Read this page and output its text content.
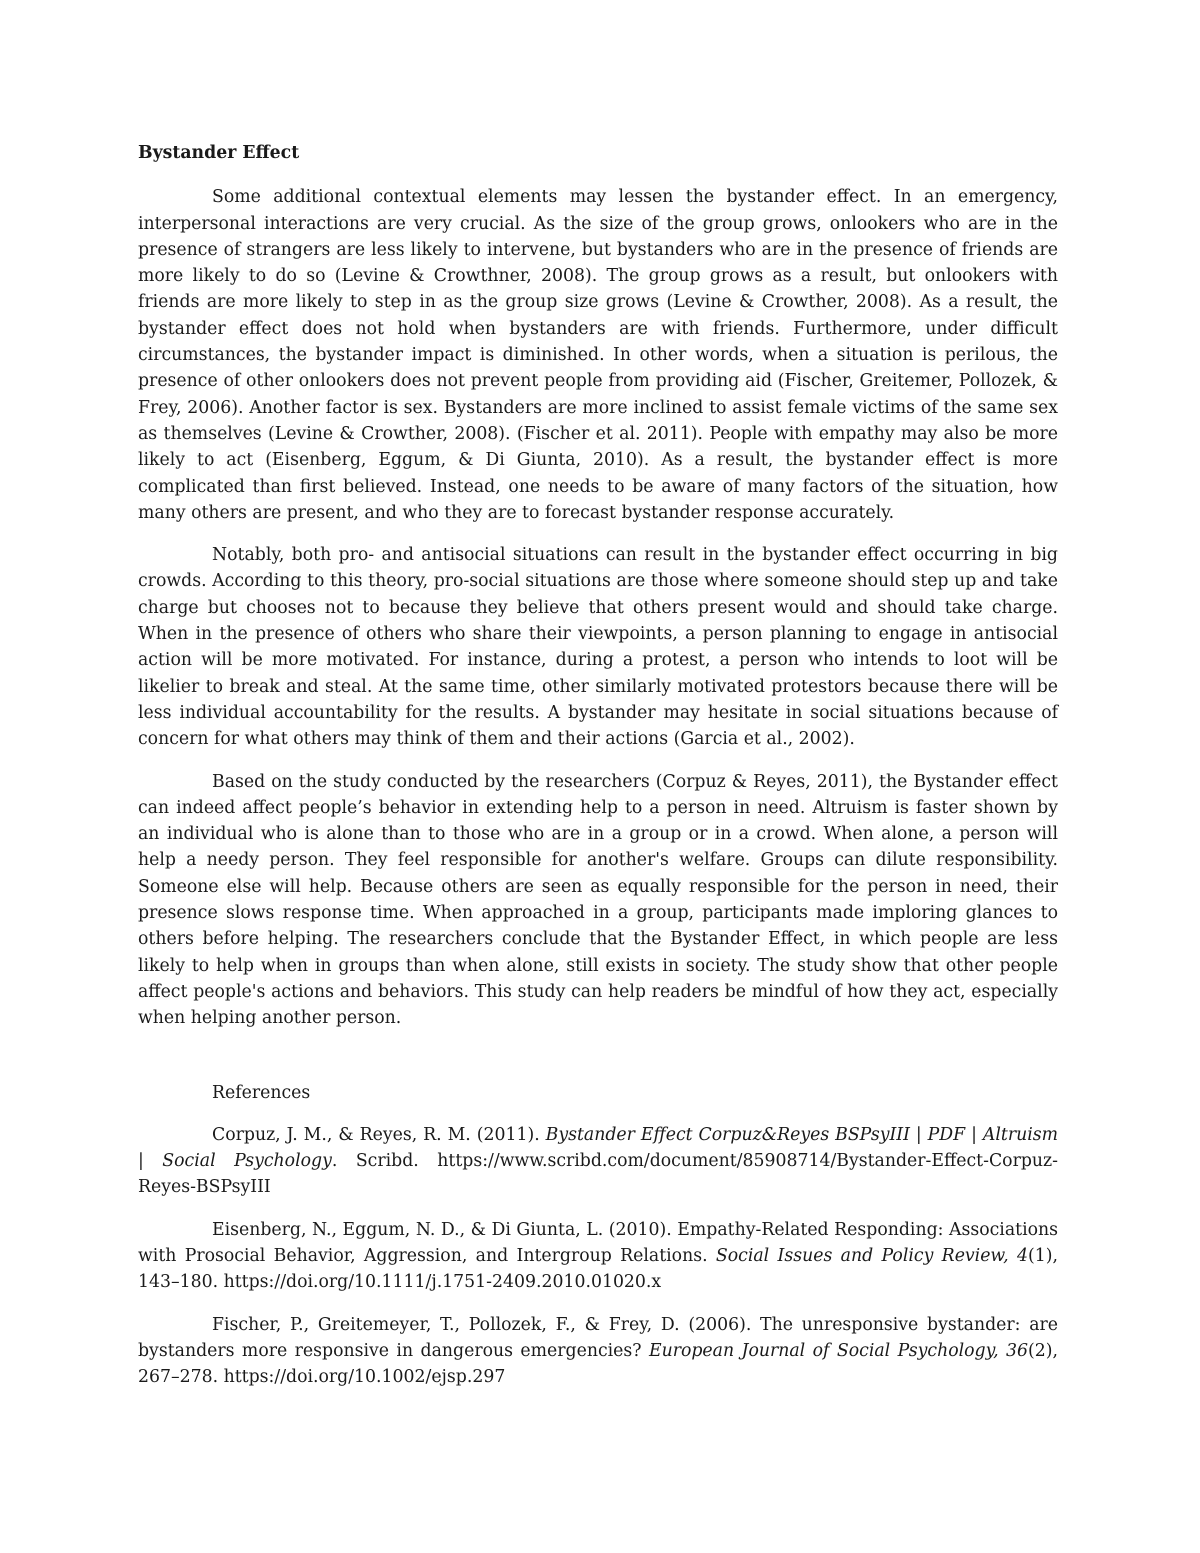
Bystander Effect

Some additional contextual elements may lessen the bystander effect. In an emergency, interpersonal interactions are very crucial. As the size of the group grows, onlookers who are in the presence of strangers are less likely to intervene, but bystanders who are in the presence of friends are more likely to do so (Levine & Crowthner, 2008). The group grows as a result, but onlookers with friends are more likely to step in as the group size grows (Levine & Crowther, 2008). As a result, the bystander effect does not hold when bystanders are with friends. Furthermore, under difficult circumstances, the bystander impact is diminished. In other words, when a situation is perilous, the presence of other onlookers does not prevent people from providing aid (Fischer, Greitemer, Pollozek, & Frey, 2006). Another factor is sex. Bystanders are more inclined to assist female victims of the same sex as themselves (Levine & Crowther, 2008). (Fischer et al. 2011). People with empathy may also be more likely to act (Eisenberg, Eggum, & Di Giunta, 2010). As a result, the bystander effect is more complicated than first believed. Instead, one needs to be aware of many factors of the situation, how many others are present, and who they are to forecast bystander response accurately.

Notably, both pro- and antisocial situations can result in the bystander effect occurring in big crowds. According to this theory, pro-social situations are those where someone should step up and take charge but chooses not to because they believe that others present would and should take charge. When in the presence of others who share their viewpoints, a person planning to engage in antisocial action will be more motivated. For instance, during a protest, a person who intends to loot will be likelier to break and steal. At the same time, other similarly motivated protestors because there will be less individual accountability for the results. A bystander may hesitate in social situations because of concern for what others may think of them and their actions (Garcia et al., 2002).

Based on the study conducted by the researchers (Corpuz & Reyes, 2011), the Bystander effect can indeed affect people’s behavior in extending help to a person in need. Altruism is faster shown by an individual who is alone than to those who are in a group or in a crowd. When alone, a person will help a needy person. They feel responsible for another's welfare. Groups can dilute responsibility. Someone else will help. Because others are seen as equally responsible for the person in need, their presence slows response time. When approached in a group, participants made imploring glances to others before helping. The researchers conclude that the Bystander Effect, in which people are less likely to help when in groups than when alone, still exists in society. The study show that other people affect people's actions and behaviors. This study can help readers be mindful of how they act, especially when helping another person.

References

Corpuz, J. M., & Reyes, R. M. (2011). Bystander Effect Corpuz&Reyes BSPsyIII | PDF | Altruism | Social Psychology. Scribd. https://www.scribd.com/document/85908714/Bystander-Effect-Corpuz-Reyes-BSPsyIII

Eisenberg, N., Eggum, N. D., & Di Giunta, L. (2010). Empathy-Related Responding: Associations with Prosocial Behavior, Aggression, and Intergroup Relations. Social Issues and Policy Review, 4(1), 143–180. https://doi.org/10.1111/j.1751-2409.2010.01020.x

Fischer, P., Greitemeyer, T., Pollozek, F., & Frey, D. (2006). The unresponsive bystander: are bystanders more responsive in dangerous emergencies? European Journal of Social Psychology, 36(2), 267–278. https://doi.org/10.1002/ejsp.297
